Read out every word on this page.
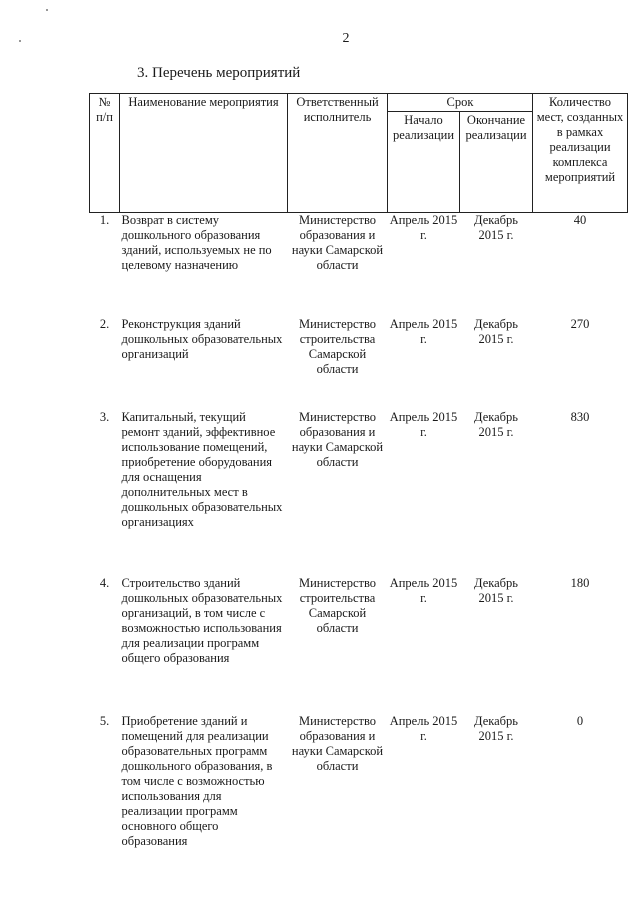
2
3. Перечень мероприятий
№ п/п	Наименование мероприятия	Ответственный исполнитель	Срок		Количество мест, созданных в рамках реализации комплекса мероприятий
			Начало реализации	Окончание реализации	
1.	Возврат в систему дошкольного образования зданий, используемых не по целевому назначению	Министерство образования и науки Самарской области	Апрель 2015 г.	Декабрь 2015 г.	40
2.	Реконструкция зданий дошкольных образовательных организаций	Министерство строительства Самарской области	Апрель 2015 г.	Декабрь 2015 г.	270
3.	Капитальный, текущий ремонт зданий, эффективное использование помещений, приобретение оборудования для оснащения дополнительных мест в дошкольных образовательных организациях	Министерство образования и науки Самарской области	Апрель 2015 г.	Декабрь 2015 г.	830
4.	Строительство зданий дошкольных образовательных организаций, в том числе с возможностью использования для реализации программ общего образования	Министерство строительства Самарской области	Апрель 2015 г.	Декабрь 2015 г.	180
5.	Приобретение зданий и помещений для реализации образовательных программ дошкольного образования, в том числе с возможностью использования для реализации программ основного общего образования	Министерство образования и науки Самарской области	Апрель 2015 г.	Декабрь 2015 г.	0
